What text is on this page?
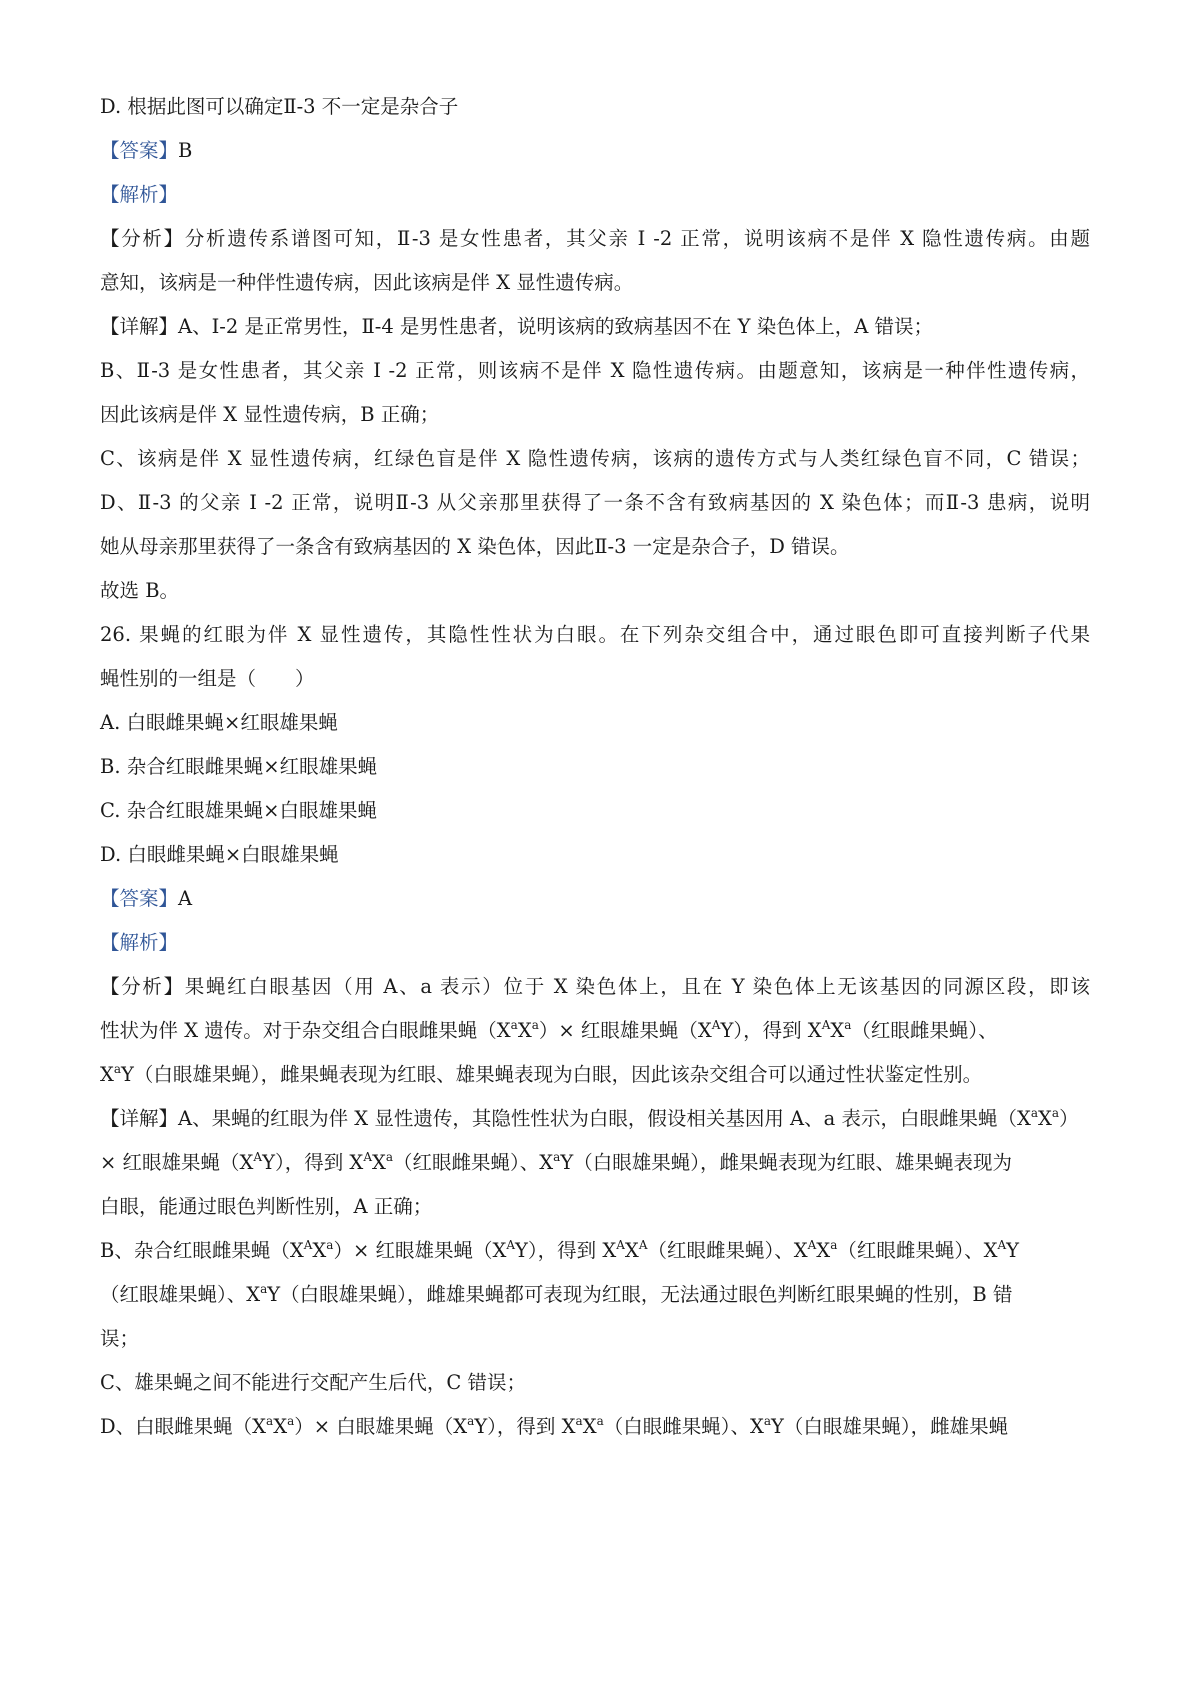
D. 根据此图可以确定Ⅱ-3 不一定是杂合子
【答案】B
【解析】
【分析】分析遗传系谱图可知，Ⅱ-3 是女性患者，其父亲 I -2 正常，说明该病不是伴 X 隐性遗传病。由题
意知，该病是一种伴性遗传病，因此该病是伴 X 显性遗传病。
【详解】A、Ⅰ-2 是正常男性，Ⅱ-4 是男性患者，说明该病的致病基因不在 Y 染色体上，A 错误；
B、Ⅱ-3 是女性患者，其父亲 I -2 正常，则该病不是伴 X 隐性遗传病。由题意知，该病是一种伴性遗传病，
因此该病是伴 X 显性遗传病，B 正确；
C、该病是伴 X 显性遗传病，红绿色盲是伴 X 隐性遗传病，该病的遗传方式与人类红绿色盲不同，C 错误；
D、Ⅱ-3 的父亲 I -2 正常，说明Ⅱ-3 从父亲那里获得了一条不含有致病基因的 X 染色体；而Ⅱ-3 患病，说明
她从母亲那里获得了一条含有致病基因的 X 染色体，因此Ⅱ-3 一定是杂合子，D 错误。
故选 B。
26. 果蝇的红眼为伴 X 显性遗传，其隐性性状为白眼。在下列杂交组合中，通过眼色即可直接判断子代果
蝇性别的一组是（　　）
A. 白眼雌果蝇×红眼雄果蝇
B. 杂合红眼雌果蝇×红眼雄果蝇
C. 杂合红眼雄果蝇×白眼雄果蝇
D. 白眼雌果蝇×白眼雄果蝇
【答案】A
【解析】
【分析】果蝇红白眼基因（用 A、a 表示）位于 X 染色体上，且在 Y 染色体上无该基因的同源区段，即该
性状为伴 X 遗传。对于杂交组合白眼雌果蝇$(X^aX^a)\times$ 红眼雄果蝇$(X^AY)$，得到 $X^AX^a$（红眼雌果蝇）、
$X^aY$（白眼雄果蝇），雌果蝇表现为红眼、雄果蝇表现为白眼，因此该杂交组合可以通过性状鉴定性别。
【详解】A、果蝇的红眼为伴 X 显性遗传，其隐性性状为白眼，假设相关基因用 A、a 表示，白眼雌果蝇$(X^aX^a)$
× 红眼雄果蝇$(X^AY)$，得到 $X^AX^a$（红眼雌果蝇）、$X^aY$（白眼雄果蝇），雌果蝇表现为红眼、雄果蝇表现为
白眼，能通过眼色判断性别，A 正确；
B、杂合红眼雌果蝇$(X^AX^a)\times$ 红眼雄果蝇$(X^AY)$，得到 $X^AX^A$（红眼雌果蝇）、$X^AX^a$（红眼雌果蝇）、$X^AY$
（红眼雄果蝇）、$X^aY$（白眼雄果蝇），雌雄果蝇都可表现为红眼，无法通过眼色判断红眼果蝇的性别，B 错
误；
C、雄果蝇之间不能进行交配产生后代，C 错误；
D、白眼雌果蝇$(X^aX^a)\times$ 白眼雄果蝇$(X^aY)$，得到 $X^aX^a$（白眼雌果蝇）、$X^aY$（白眼雄果蝇），雌雄果蝇
